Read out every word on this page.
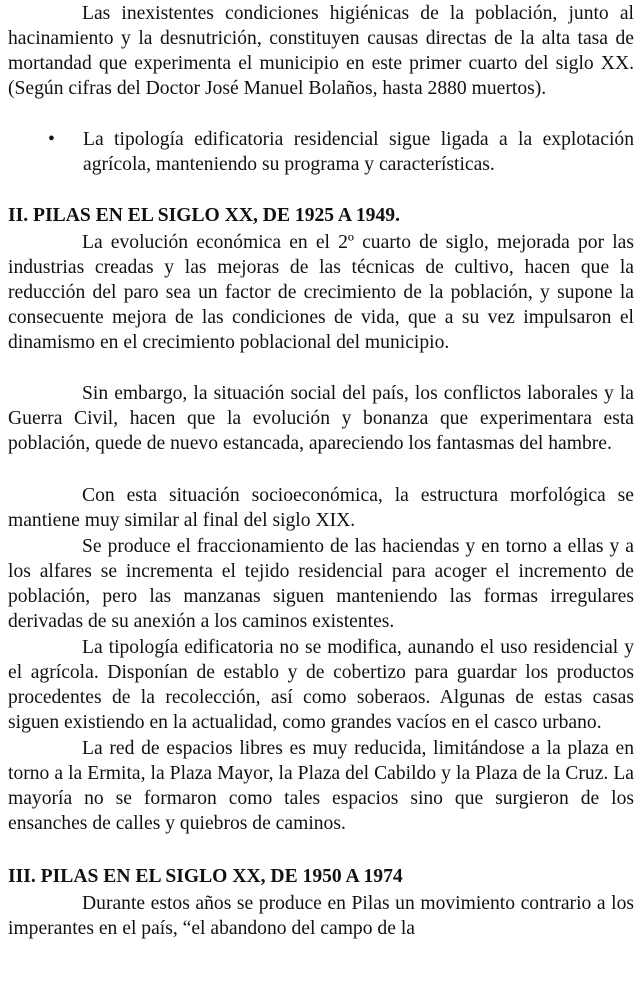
Las inexistentes condiciones higiénicas de la población, junto al hacinamiento y la desnutrición, constituyen causas directas de la alta tasa de mortandad que experimenta el municipio en este primer cuarto del siglo XX. (Según cifras del Doctor José Manuel Bolaños, hasta 2880 muertos).

• La tipología edificatoria residencial sigue ligada a la explotación agrícola, manteniendo su programa y características.

II. PILAS EN EL SIGLO XX, DE 1925 A 1949.

La evolución económica en el 2º cuarto de siglo, mejorada por las industrias creadas y las mejoras de las técnicas de cultivo, hacen que la reducción del paro sea un factor de crecimiento de la población, y supone la consecuente mejora de las condiciones de vida, que a su vez impulsaron el dinamismo en el crecimiento poblacional del municipio.

Sin embargo, la situación social del país, los conflictos laborales y la Guerra Civil, hacen que la evolución y bonanza que experimentara esta población, quede de nuevo estancada, apareciendo los fantasmas del hambre.

Con esta situación socioeconómica, la estructura morfológica se mantiene muy similar al final del siglo XIX.

Se produce el fraccionamiento de las haciendas y en torno a ellas y a los alfares se incrementa el tejido residencial para acoger el incremento de población, pero las manzanas siguen manteniendo las formas irregulares derivadas de su anexión a los caminos existentes.

La tipología edificatoria no se modifica, aunando el uso residencial y el agrícola. Disponían de establo y de cobertizo para guardar los productos procedentes de la recolección, así como soberaos. Algunas de estas casas siguen existiendo en la actualidad, como grandes vacíos en el casco urbano.

La red de espacios libres es muy reducida, limitándose a la plaza en torno a la Ermita, la Plaza Mayor, la Plaza del Cabildo y la Plaza de la Cruz. La mayoría no se formaron como tales espacios sino que surgieron de los ensanches de calles y quiebros de caminos.

III. PILAS EN EL SIGLO XX, DE 1950 A 1974

Durante estos años se produce en Pilas un movimiento contrario a los imperantes en el país, “el abandono del campo de la
